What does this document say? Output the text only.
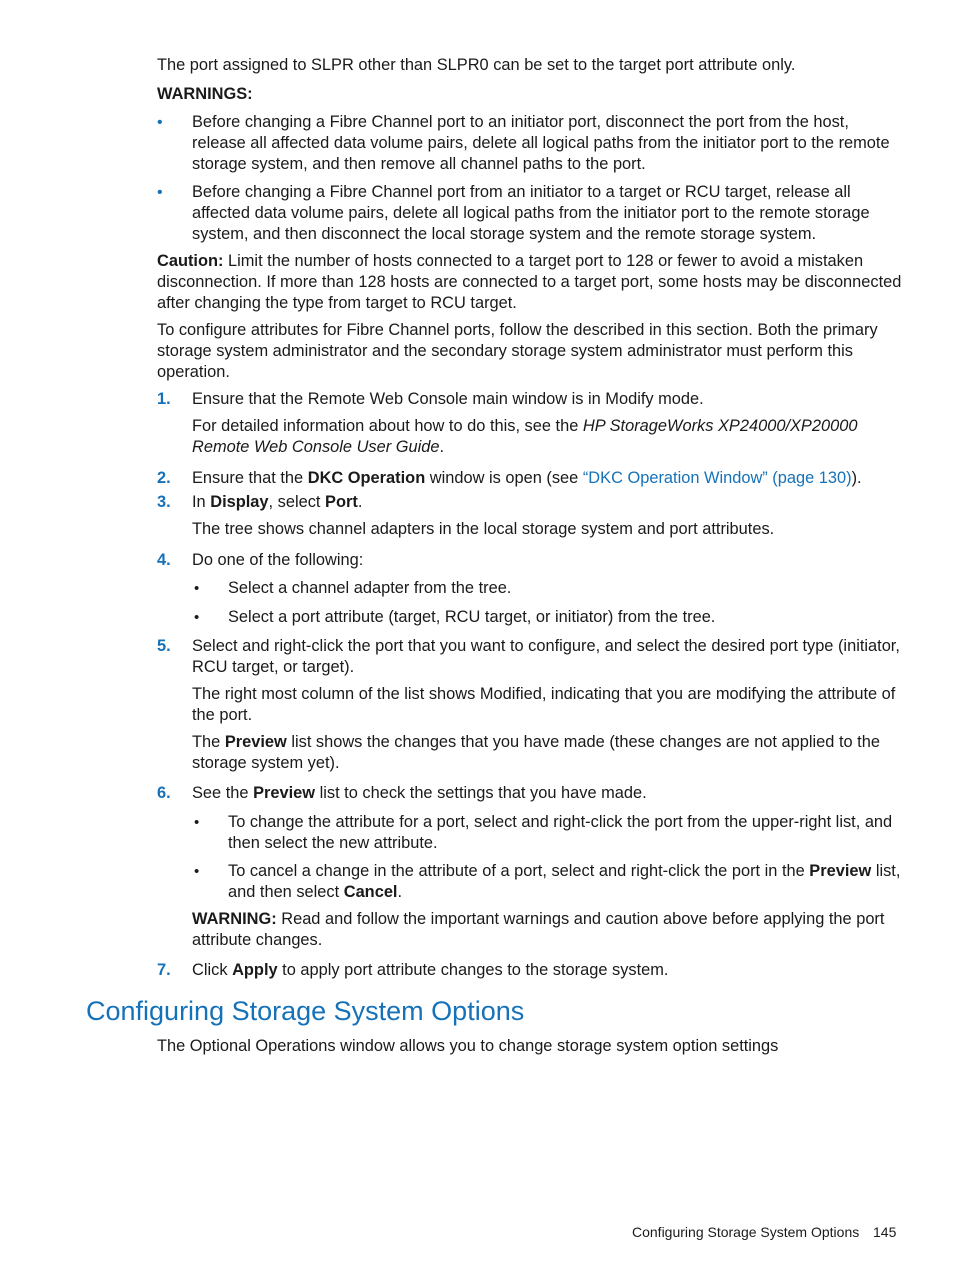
The port assigned to SLPR other than SLPR0 can be set to the target port attribute only.

WARNINGS:

• Before changing a Fibre Channel port to an initiator port, disconnect the port from the host, release all affected data volume pairs, delete all logical paths from the initiator port to the remote storage system, and then remove all channel paths to the port.

• Before changing a Fibre Channel port from an initiator to a target or RCU target, release all affected data volume pairs, delete all logical paths from the initiator port to the remote storage system, and then disconnect the local storage system and the remote storage system.

Caution: Limit the number of hosts connected to a target port to 128 or fewer to avoid a mistaken disconnection. If more than 128 hosts are connected to a target port, some hosts may be disconnected after changing the type from target to RCU target.

To configure attributes for Fibre Channel ports, follow the described in this section. Both the primary storage system administrator and the secondary storage system administrator must perform this operation.

1. Ensure that the Remote Web Console main window is in Modify mode.

For detailed information about how to do this, see the HP StorageWorks XP24000/XP20000 Remote Web Console User Guide.

2. Ensure that the DKC Operation window is open (see “DKC Operation Window” (page 130)).

3. In Display, select Port.

The tree shows channel adapters in the local storage system and port attributes.

4. Do one of the following:

• Select a channel adapter from the tree.

• Select a port attribute (target, RCU target, or initiator) from the tree.

5. Select and right-click the port that you want to configure, and select the desired port type (initiator, RCU target, or target).

The right most column of the list shows Modified, indicating that you are modifying the attribute of the port.

The Preview list shows the changes that you have made (these changes are not applied to the storage system yet).

6. See the Preview list to check the settings that you have made.

• To change the attribute for a port, select and right-click the port from the upper-right list, and then select the new attribute.

• To cancel a change in the attribute of a port, select and right-click the port in the Preview list, and then select Cancel.

WARNING: Read and follow the important warnings and caution above before applying the port attribute changes.

7. Click Apply to apply port attribute changes to the storage system.

Configuring Storage System Options

The Optional Operations window allows you to change storage system option settings

Configuring Storage System Options 145
